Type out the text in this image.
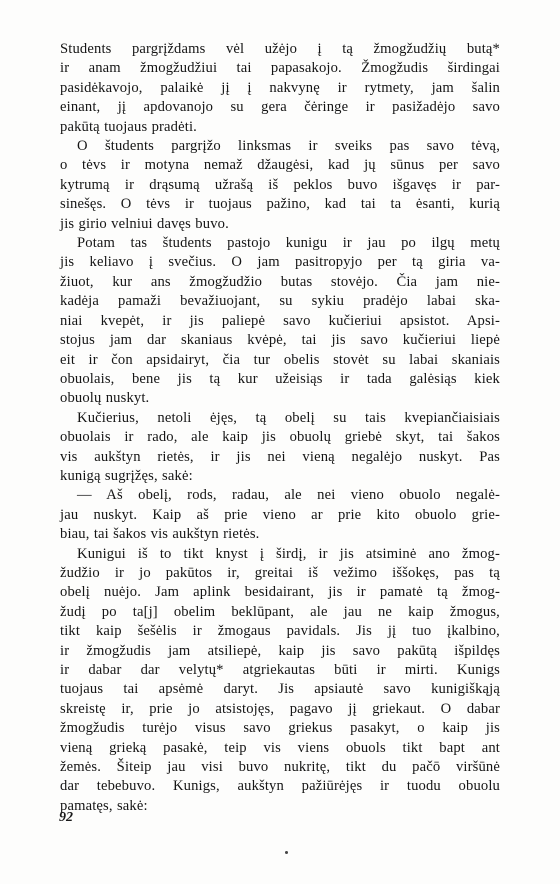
Students pargrįždams vėl užėjo į tą žmogžudžių butą*
ir anam žmogžudžiui tai papasakojo. Žmogžudis širdingai
pasidėkavojo, palaikė jį į nakvynę ir rytmety, jam šalin
einant, jį apdovanojo su gera čėringe ir pasižadėjo savo
pakūtą tuojaus pradėti.
O študents pargrįžo linksmas ir sveiks pas savo tėvą,
o tėvs ir motyna nemaž džaugėsi, kad jų sūnus per savo
kytrumą ir drąsumą užrašą iš peklos buvo išgavęs ir par-
sinešęs. O tėvs ir tuojaus pažino, kad tai ta ėsanti, kurią
jis girio velniui davęs buvo.
Potam tas študents pastojo kunigu ir jau po ilgų metų
jis keliavo į svečius. O jam pasitropyjo per tą giria va-
žiuot, kur ans žmogžudžio butas stovėjo. Čia jam nie-
kadėja pamaži bevažiuojant, su sykiu pradėjo labai ska-
niai kvepėt, ir jis paliepė savo kučieriui apsistot. Apsi-
stojus jam dar skaniaus kvėpė, tai jis savo kučieriui liepė
eit ir čon apsidairyt, čia tur obelis stovėt su labai skaniais
obuolais, bene jis tą kur užeisiąs ir tada galėsiąs kiek
obuolų nuskyt.
Kučierius, netoli ėjęs, tą obelį su tais kvepiančiaisiais
obuolais ir rado, ale kaip jis obuolų griebė skyt, tai šakos
vis aukštyn rietės, ir jis nei vieną negalėjo nuskyt. Pas
kunigą sugrįžęs, sakė:
— Aš obelį, rods, radau, ale nei vieno obuolo negalė-
jau nuskyt. Kaip aš prie vieno ar prie kito obuolo grie-
biau, tai šakos vis aukštyn rietės.
Kunigui iš to tikt knyst į širdį, ir jis atsiminė ano žmog-
žudžio ir jo pakūtos ir, greitai iš vežimo iššokęs, pas tą
obelį nuėjo. Jam aplink besidairant, jis ir pamatė tą žmog-
žudį po ta[j] obelim beklūpant, ale jau ne kaip žmogus,
tikt kaip šešėlis ir žmogaus pavidals. Jis jį tuo įkalbino,
ir žmogžudis jam atsiliepė, kaip jis savo pakūtą išpildęs
ir dabar dar velytų* atgriekautas būti ir mirti. Kunigs
tuojaus tai apsėmė daryt. Jis apsiautė savo kunigiškąją
skreistę ir, prie jo atsistojęs, pagavo jį griekaut. O dabar
žmogžudis turėjo visus savo griekus pasakyt, o kaip jis
vieną grieką pasakė, teip vis viens obuols tikt bapt ant
žemės. Šiteip jau visi buvo nukritę, tikt du pačō viršūnė
dar tebebuvo. Kunigs, aukštyn pažiūrėjęs ir tuodu obuolu
pamatęs, sakė:
92
